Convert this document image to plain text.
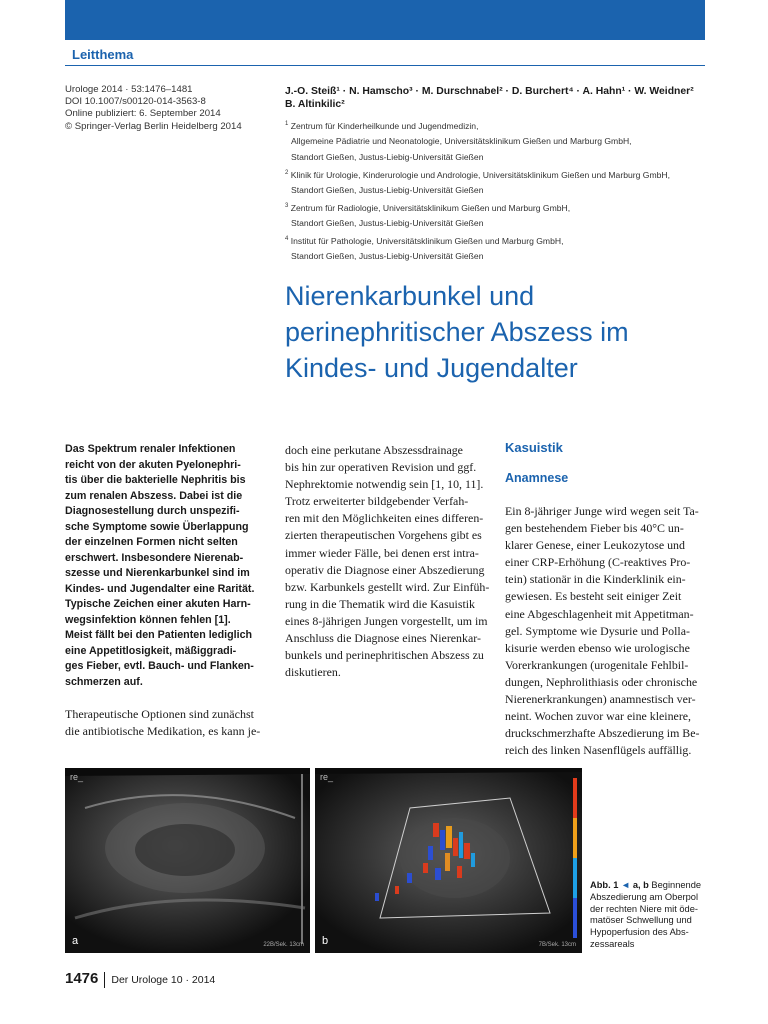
Leitthema
Urologe 2014 · 53:1476–1481
DOI 10.1007/s00120-014-3563-8
Online publiziert: 6. September 2014
© Springer-Verlag Berlin Heidelberg 2014
J.-O. Steiß¹ · N. Hamscho³ · M. Durschnabel² · D. Burchert⁴ · A. Hahn¹ · W. Weidner²
B. Altinkilic²
$^1$ Zentrum für Kinderheilkunde und Jugendmedizin,
Allgemeine Pädiatrie und Neonatologie, Universitätsklinikum Gießen und Marburg GmbH,
Standort Gießen, Justus-Liebig-Universität Gießen
$^2$ Klinik für Urologie, Kinderurologie und Andrologie, Universitätsklinikum Gießen und Marburg GmbH,
Standort Gießen, Justus-Liebig-Universität Gießen
$^3$ Zentrum für Radiologie, Universitätsklinikum Gießen und Marburg GmbH,
Standort Gießen, Justus-Liebig-Universität Gießen
$^4$ Institut für Pathologie, Universitätsklinikum Gießen und Marburg GmbH,
Standort Gießen, Justus-Liebig-Universität Gießen
Nierenkarbunkel und
perinephritischer Abszess im
Kindes- und Jugendalter
Das Spektrum renaler Infektionen
reicht von der akuten Pyelonephri-
tis über die bakterielle Nephritis bis
zum renalen Abszess. Dabei ist die
Diagnosestellung durch unspezifi-
sche Symptome sowie Überlappung
der einzelnen Formen nicht selten
erschwert. Insbesondere Nierenab-
szesse und Nierenkarbunkel sind im
Kindes- und Jugendalter eine Rarität.
Typische Zeichen einer akuten Harn-
wegsinfektion können fehlen [1].
Meist fällt bei den Patienten lediglich
eine Appetitlosigkeit, mäßiggradi-
ges Fieber, evtl. Bauch- und Flanken-
schmerzen auf.
Therapeutische Optionen sind zunächst
die antibiotische Medikation, es kann je-
doch eine perkutane Abszessdrainage
bis hin zur operativen Revision und ggf.
Nephrektomie notwendig sein [1, 10, 11].
Trotz erweiterter bildgebender Verfah-
ren mit den Möglichkeiten eines differen-
zierten therapeutischen Vorgehens gibt es
immer wieder Fälle, bei denen erst intra-
operativ die Diagnose einer Abszedierung
bzw. Karbunkels gestellt wird. Zur Einfüh-
rung in die Thematik wird die Kasuistik
eines 8-jährigen Jungen vorgestellt, um im
Anschluss die Diagnose eines Nierenkar-
bunkels und perinephritischen Abszess zu
diskutieren.
Kasuistik
Anamnese
Ein 8-jähriger Junge wird wegen seit Ta-
gen bestehendem Fieber bis 40°C un-
klarer Genese, einer Leukozytose und
einer CRP-Erhöhung (C-reaktives Pro-
tein) stationär in die Kinderklinik ein-
gewiesen. Es besteht seit einiger Zeit
eine Abgeschlagenheit mit Appetitman-
gel. Symptome wie Dysurie und Polla-
kisurie werden ebenso wie urologische
Vorerkrankungen (urogenitale Fehlbil-
dungen, Nephrolithiasis oder chronische
Nierenerkrankungen) anamnestisch ver-
neint. Wochen zuvor war eine kleinere,
druckschmerzhafte Abszedierung im Be-
reich des linken Nasenflügels auffällig.
re_
a	22B/Sek. 13cm
re_
b	7B/Sek. 13cm
Abb. 1 ◄ a, b Beginnende
Abszedierung am Oberpol
der rechten Niere mit öde-
matöser Schwellung und
Hypoperfusion des Abs-
zessareals
1476 Der Urologe 10 · 2014
